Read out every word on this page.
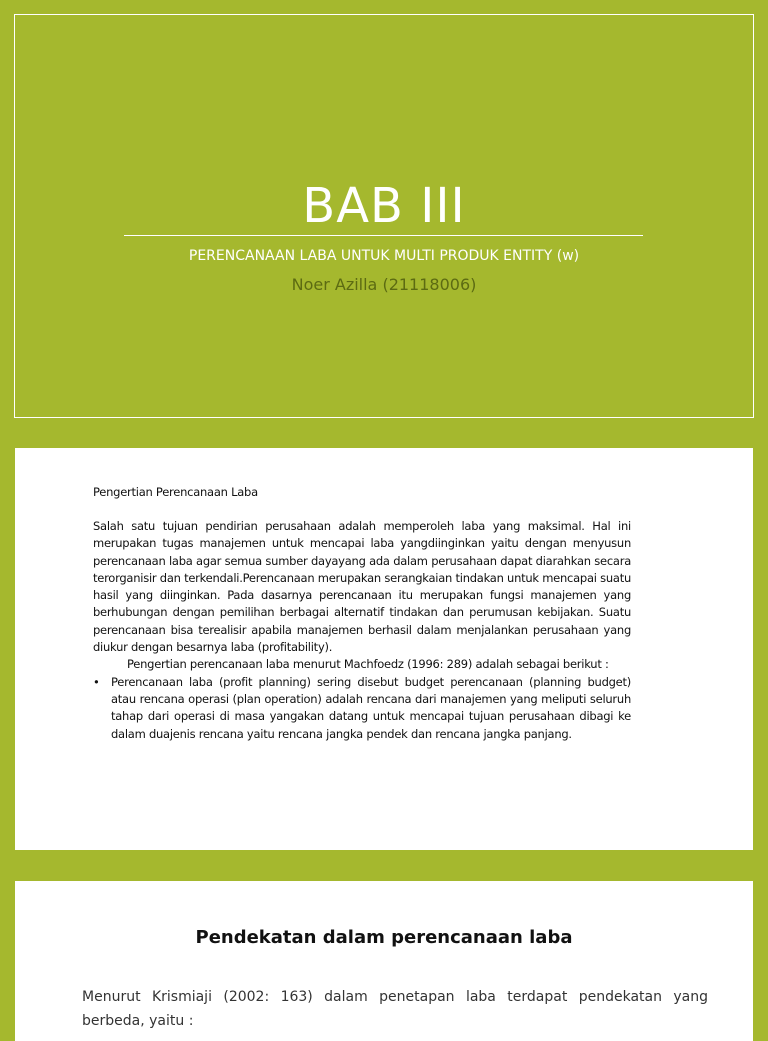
BAB III
PERENCANAAN LABA UNTUK MULTI PRODUK ENTITY (w)
Noer Azilla (21118006)
Pengertian Perencanaan Laba

Salah satu tujuan pendirian perusahaan adalah memperoleh laba yang maksimal. Hal ini merupakan tugas manajemen untuk mencapai laba yangdiinginkan yaitu dengan menyusun perencanaan laba agar semua sumber dayayang ada dalam perusahaan dapat diarahkan secara terorganisir dan terkendali.Perencanaan merupakan serangkaian tindakan untuk mencapai suatu hasil yang diinginkan. Pada dasarnya perencanaan itu merupakan fungsi manajemen yang berhubungan dengan pemilihan berbagai alternatif tindakan dan perumusan kebijakan. Suatu perencanaan bisa terealisir apabila manajemen berhasil dalam menjalankan perusahaan yang diukur dengan besarnya laba (profitability).

Pengertian perencanaan laba menurut Machfoedz (1996: 289) adalah sebagai berikut :

• Perencanaan laba (profit planning) sering disebut budget perencanaan (planning budget) atau rencana operasi (plan operation) adalah rencana dari manajemen yang meliputi seluruh tahap dari operasi di masa yangakan datang untuk mencapai tujuan perusahaan dibagi ke dalam duajenis rencana yaitu rencana jangka pendek dan rencana jangka panjang.
Pendekatan dalam perencanaan laba

Menurut Krismiaji (2002: 163) dalam penetapan laba terdapat pendekatan yang berbeda, yaitu :
